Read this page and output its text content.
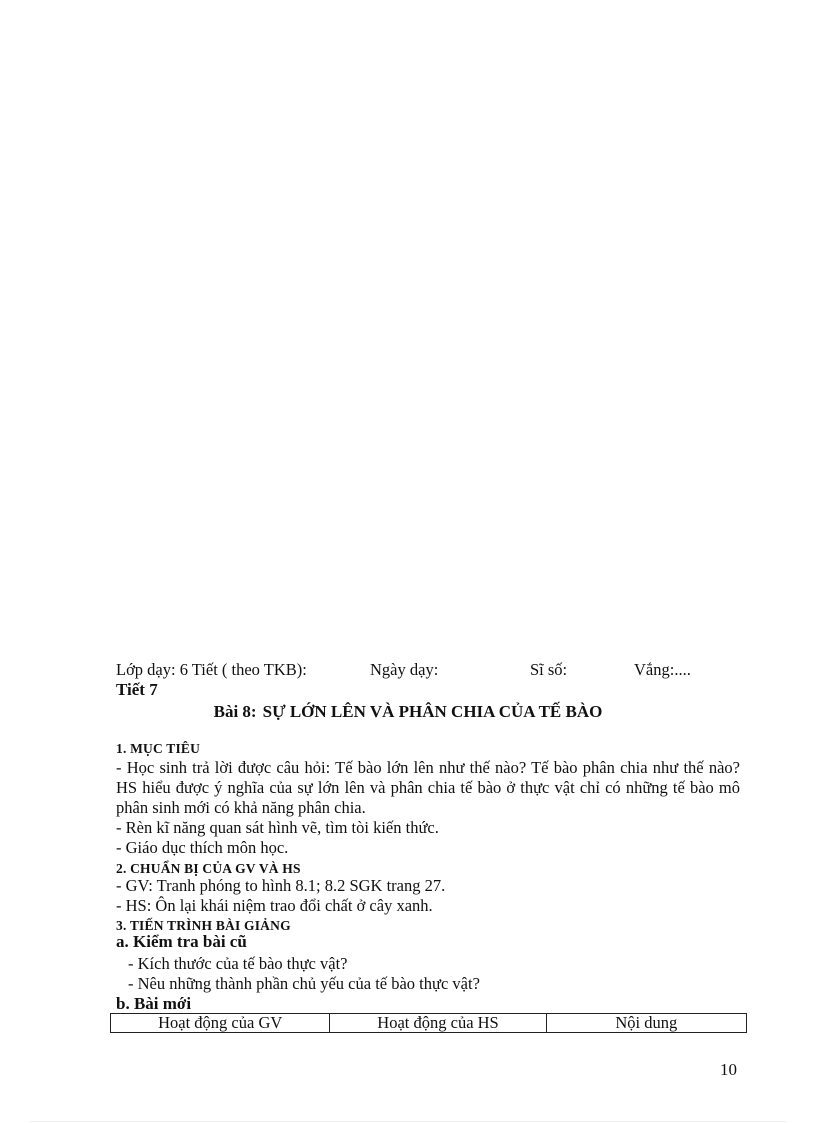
Lớp dạy: 6 Tiết ( theo TKB):	Ngày dạy:	Sĩ số:	Vắng:....
Tiết 7
Bài 8: SỰ LỚN LÊN VÀ PHÂN CHIA CỦA TẾ BÀO
1. MỤC TIÊU
- Học sinh trả lời được câu hỏi: Tế bào lớn lên như thế nào? Tế bào phân chia như thế nào? HS hiểu được ý nghĩa của sự lớn lên và phân chia tế bào ở thực vật chỉ có những tế bào mô phân sinh mới có khả năng phân chia.
- Rèn kĩ năng quan sát hình vẽ, tìm tòi kiến thức.
- Giáo dục thích môn học.
2. CHUẨN BỊ CỦA GV VÀ HS
- GV: Tranh phóng to hình 8.1; 8.2 SGK trang 27.
- HS: Ôn lại khái niệm trao đổi chất ở cây xanh.
3. TIẾN TRÌNH BÀI GIẢNG
a. Kiểm tra bài cũ
- Kích thước của tế bào thực vật?
- Nêu những thành phần chủ yếu của tế bào thực vật?
b. Bài mới
Hoạt động của GV	Hoạt động của HS	Nội dung
10
